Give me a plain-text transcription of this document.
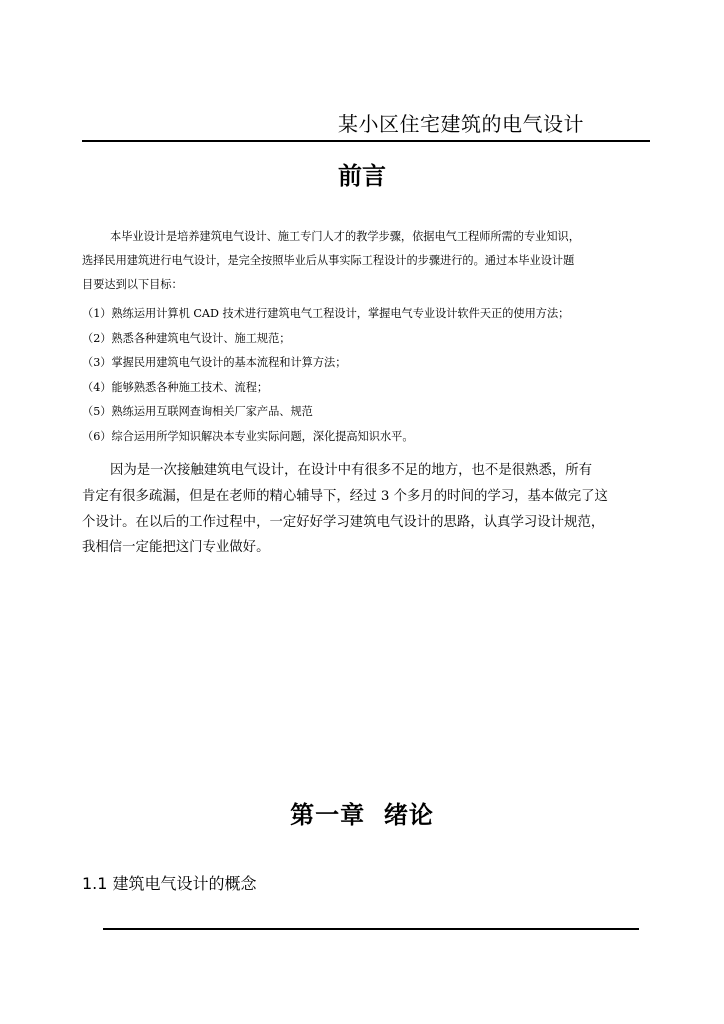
某小区住宅建筑的电气设计
前言
本毕业设计是培养建筑电气设计、施工专门人才的教学步骤，依据电气工程师所需的专业知识，
选择民用建筑进行电气设计，是完全按照毕业后从事实际工程设计的步骤进行的。通过本毕业设计题
目要达到以下目标：
（1）熟练运用计算机 CAD 技术进行建筑电气工程设计，掌握电气专业设计软件天正的使用方法；
（2）熟悉各种建筑电气设计、施工规范；
（3）掌握民用建筑电气设计的基本流程和计算方法；
（4）能够熟悉各种施工技术、流程；
（5）熟练运用互联网查询相关厂家产品、规范
（6）综合运用所学知识解决本专业实际问题，深化提高知识水平。
因为是一次接触建筑电气设计，在设计中有很多不足的地方，也不是很熟悉，所有
肯定有很多疏漏，但是在老师的精心辅导下，经过 3 个多月的时间的学习，基本做完了这
个设计。在以后的工作过程中，一定好好学习建筑电气设计的思路，认真学习设计规范，
我相信一定能把这门专业做好。
第一章  绪论
1.1 建筑电气设计的概念
